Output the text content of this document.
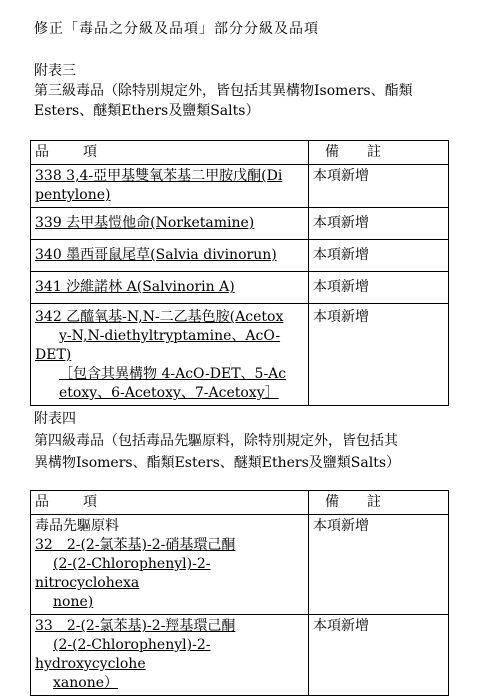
修正「毒品之分級及品項」部分分級及品項
附表三
第三級毒品（除特別規定外，皆包括其異構物Isomers、酯類
Esters、醚類Ethers及鹽類Salts）
品項	備註
338 3,4-亞甲基雙氧苯基二甲胺戊酮(Di
pentylone)	本項新增
339 去甲基愷他命(Norketamine)	本項新增
340 墨西哥鼠尾草(Salvia divinorun)	本項新增
341 沙維諾林 A(Salvinorin A)	本項新增
342 乙醯氧基-N,N-二乙基色胺(Acetox
y-N,N-diethyltryptamine、AcO-DET)
［包含其異構物 4-AcO-DET、5-Ac
etoxy、6-Acetoxy、7-Acetoxy］	本項新增
附表四
第四級毒品（包括毒品先驅原料，除特別規定外，皆包括其
異構物Isomers、酯類Esters、醚類Ethers及鹽類Salts）
品項	備註
毒品先驅原料
32　2-(2-氯苯基)-2-硝基環己酮
(2-(2-Chlorophenyl)-2-nitrocyclohexa
none)	本項新增
33　2-(2-氯苯基)-2-羥基環己酮
(2-(2-Chlorophenyl)-2-hydroxycyclohe
xanone）	本項新增
